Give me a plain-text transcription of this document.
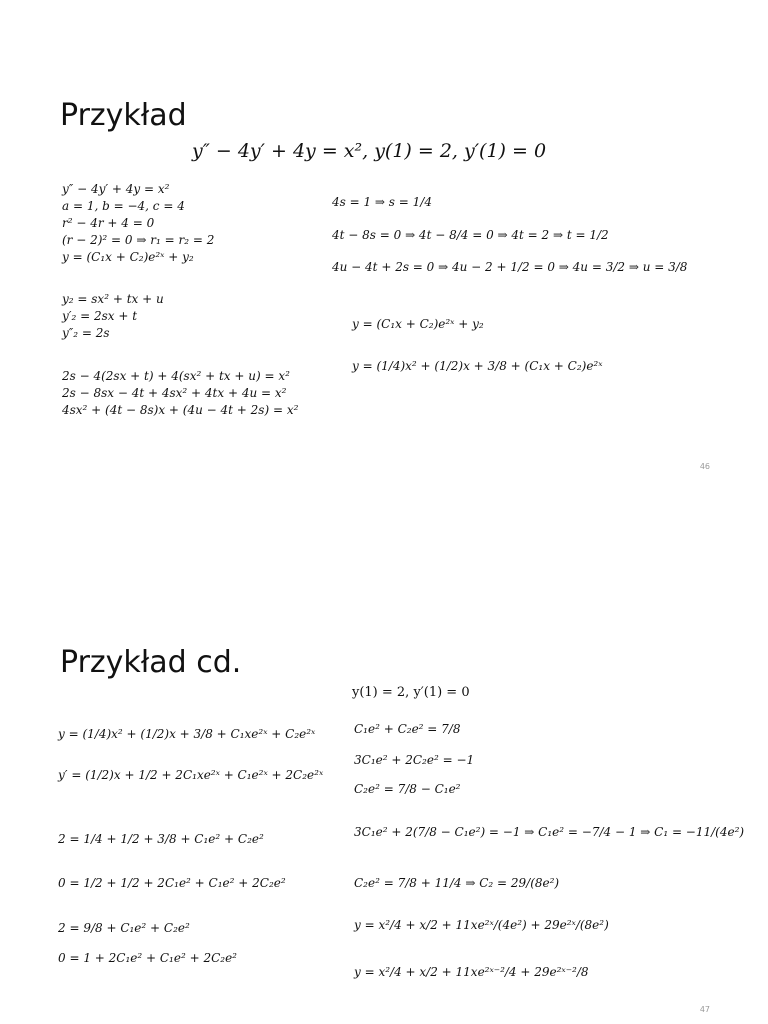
Przykład
y″ − 4y′ + 4y = x², y(1) = 2, y′(1) = 0
y″ − 4y′ + 4y = x²
a = 1, b = −4, c = 4
r² − 4r + 4 = 0
(r − 2)² = 0 ⇒ r₁ = r₂ = 2
y = (C₁x + C₂)e²ˣ + y₂
y₂ = sx² + tx + u
y′₂ = 2sx + t
y″₂ = 2s
2s − 4(2sx + t) + 4(sx² + tx + u) = x²
2s − 8sx − 4t + 4sx² + 4tx + 4u = x²
4sx² + (4t − 8s)x + (4u − 4t + 2s) = x²
4s = 1 ⇒ s = 1/4
4t − 8s = 0 ⇒ 4t − 8/4 = 0 ⇒ 4t = 2 ⇒ t = 1/2
4u − 4t + 2s = 0 ⇒ 4u − 2 + 1/2 = 0 ⇒ 4u = 3/2 ⇒ u = 3/8
y = (C₁x + C₂)e²ˣ + y₂
y = (1/4)x² + (1/2)x + 3/8 + (C₁x + C₂)e²ˣ
46
Przykład cd.
y = (1/4)x² + (1/2)x + 3/8 + C₁xe²ˣ + C₂e²ˣ
y′ = (1/2)x + 1/2 + 2C₁xe²ˣ + C₁e²ˣ + 2C₂e²ˣ
2 = 1/4 + 1/2 + 3/8 + C₁e² + C₂e²
0 = 1/2 + 1/2 + 2C₁e² + C₁e² + 2C₂e²
2 = 9/8 + C₁e² + C₂e²
0 = 1 + 2C₁e² + C₁e² + 2C₂e²
y(1) = 2, y′(1) = 0
C₁e² + C₂e² = 7/8
3C₁e² + 2C₂e² = −1
C₂e² = 7/8 − C₁e²
3C₁e² + 2(7/8 − C₁e²) = −1 ⇒ C₁e² = −7/4 − 1 ⇒ C₁ = −11/(4e²)
C₂e² = 7/8 + 11/4 ⇒ C₂ = 29/(8e²)
y = x²/4 + x/2 + 11xe²ˣ/(4e²) + 29e²ˣ/(8e²)
y = x²/4 + x/2 + 11xe²ˣ⁻²/4 + 29e²ˣ⁻²/8
47
